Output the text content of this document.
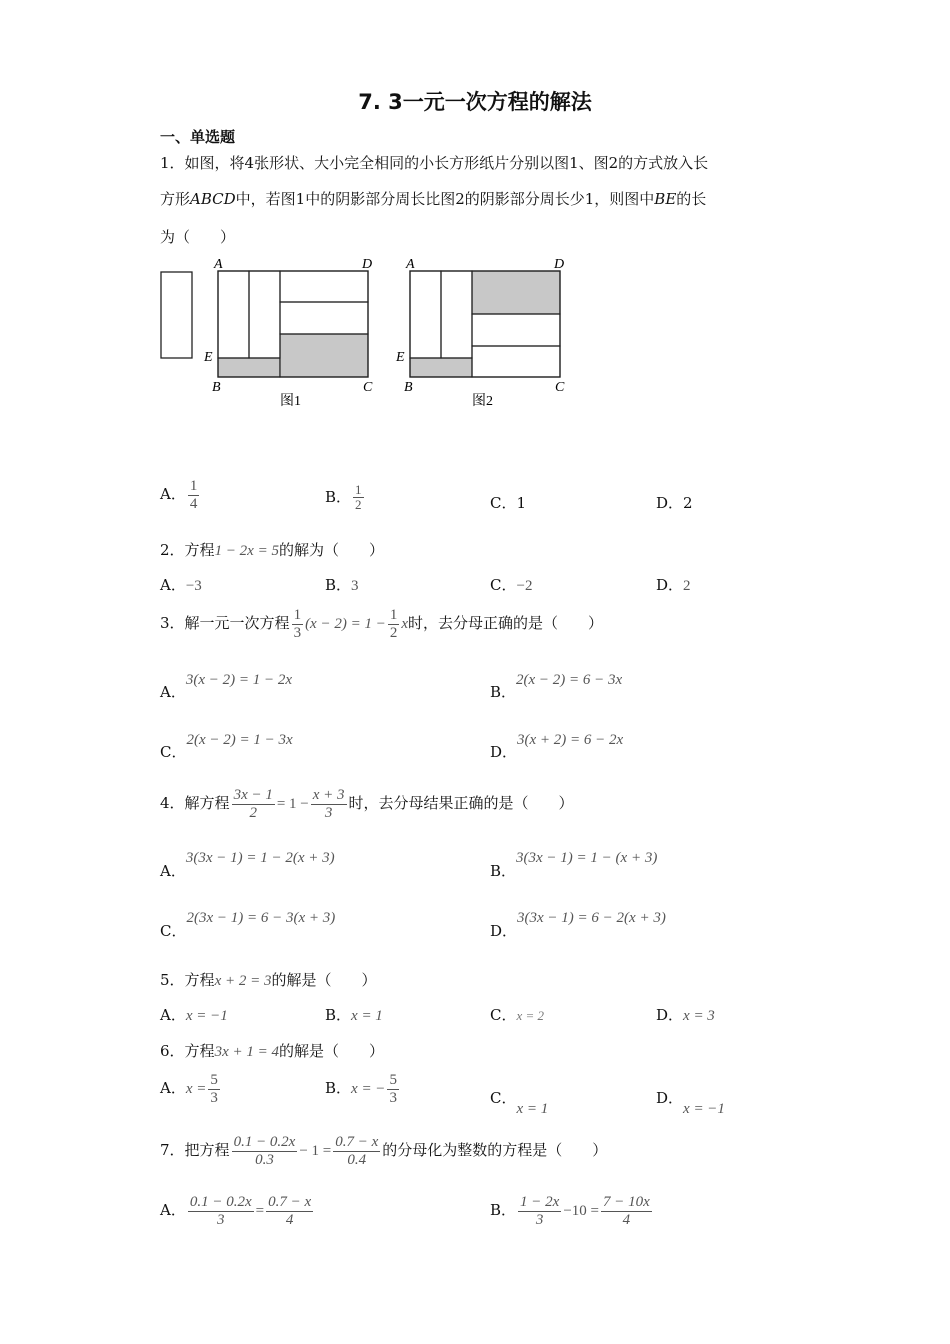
7. 3一元一次方程的解法
一、单选题
1．如图，将4张形状、大小完全相同的小长方形纸片分别以图1、图2的方式放入长
方形ABCD中，若图1中的阴影部分周长比图2的阴影部分周长少1，则图中BE的长
为（　　）
A	D
E
B	C
图1
A	D
E
B	C
图2
A． $\frac{1}{4}$	B． $\frac{1}{2}$	C．1	D．2
2．方程1 − 2x = 5的解为（　　）
A．−3	B．3	C．−2	D．2
3．解一元一次方程 $\frac{1}{3} (x - 2) = 1 - \frac{1}{2}$ x时，去分母正确的是（　　）
A．3(x − 2) = 1 − 2x
B．2(x − 2) = 6 − 3x
C．2(x − 2) = 1 − 3x
D．3(x + 2) = 6 − 2x
4．解方程 $\frac{3x - 1}{2} = 1 - \frac{x + 3}{3}$ 时，去分母结果正确的是（　　）
A．3(3x − 1) = 1 − 2(x + 3)
B．3(3x − 1) = 1 − (x + 3)
C．2(3x − 1) = 6 − 3(x + 3)
D．3(3x − 1) = 6 − 2(x + 3)
5．方程x + 2 = 3的解是（　　）
A．x = −1	B．x = 1	C．x = 2	D．x = 3
6．方程3x + 1 = 4的解是（　　）
A．$x = \frac{5}{3}$	B．x = − $\frac{5}{3}$	C．x = 1
D．x = −1
7．把方程 $\frac{0.1 - 0.2x}{0.3} - 1 = \frac{0.7 - x}{0.4}$ 的分母化为整数的方程是（　　）
A． $\frac{0.1 - 0.2x}{3} = \frac{0.7 - x}{4}$	B． $\frac{1 - 2x}{3} -10 = \frac{7 - 10x}{4}$
